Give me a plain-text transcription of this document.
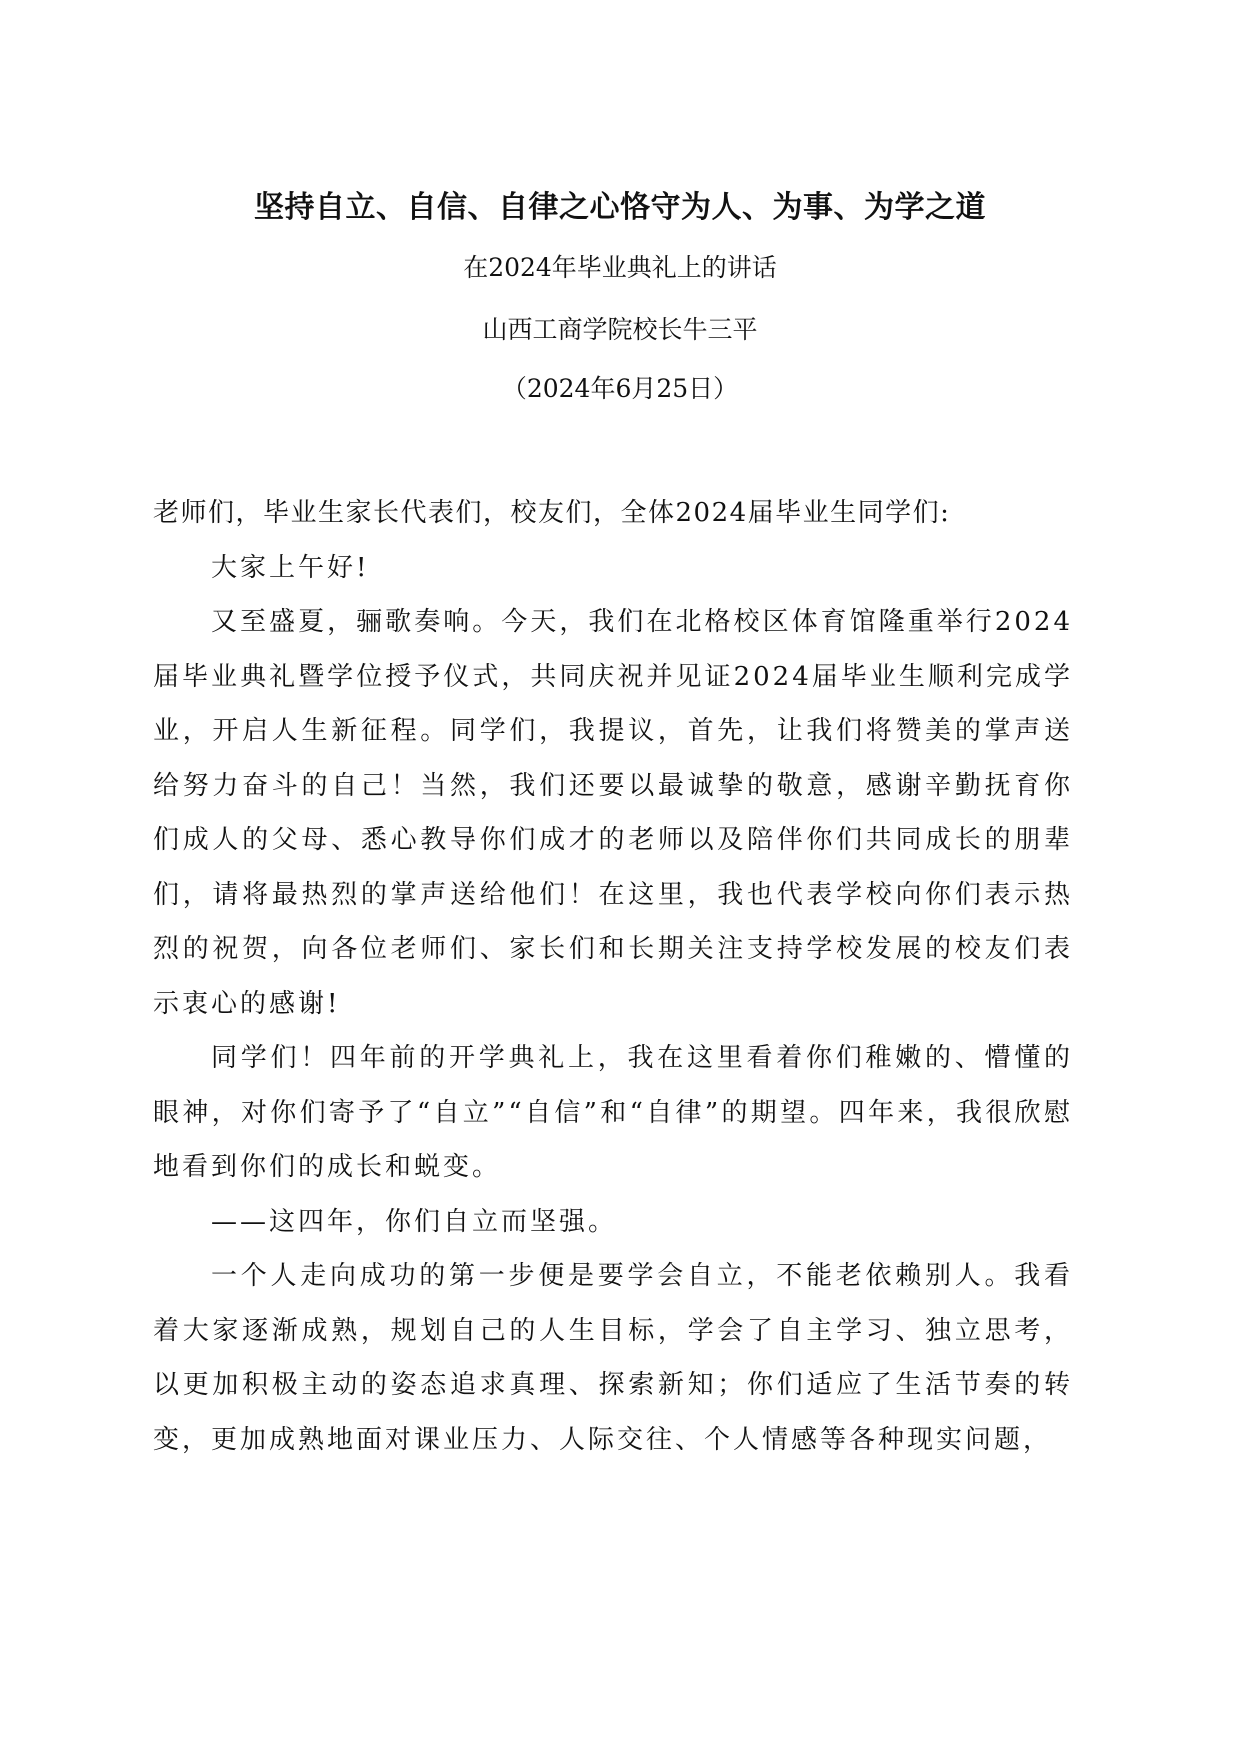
坚持自立、自信、自律之心恪守为人、为事、为学之道

在2024年毕业典礼上的讲话

山西工商学院校长牛三平

（2024年6月25日）

老师们，毕业生家长代表们，校友们，全体2024届毕业生同学们:

大家上午好!

又至盛夏，骊歌奏响。今天，我们在北格校区体育馆隆重举行2024届毕业典礼暨学位授予仪式，共同庆祝并见证2024届毕业生顺利完成学业，开启人生新征程。同学们，我提议，首先，让我们将赞美的掌声送给努力奋斗的自己！当然，我们还要以最诚挚的敬意，感谢辛勤抚育你们成人的父母、悉心教导你们成才的老师以及陪伴你们共同成长的朋辈们，请将最热烈的掌声送给他们！在这里，我也代表学校向你们表示热烈的祝贺，向各位老师们、家长们和长期关注支持学校发展的校友们表示衷心的感谢!

同学们！四年前的开学典礼上，我在这里看着你们稚嫩的、懵懂的眼神，对你们寄予了“自立”“自信”和“自律”的期望。四年来，我很欣慰地看到你们的成长和蜕变。

——这四年，你们自立而坚强。

一个人走向成功的第一步便是要学会自立，不能老依赖别人。我看着大家逐渐成熟，规划自己的人生目标，学会了自主学习、独立思考，以更加积极主动的姿态追求真理、探索新知；你们适应了生活节奏的转变，更加成熟地面对课业压力、人际交往、个人情感等各种现实问题，
